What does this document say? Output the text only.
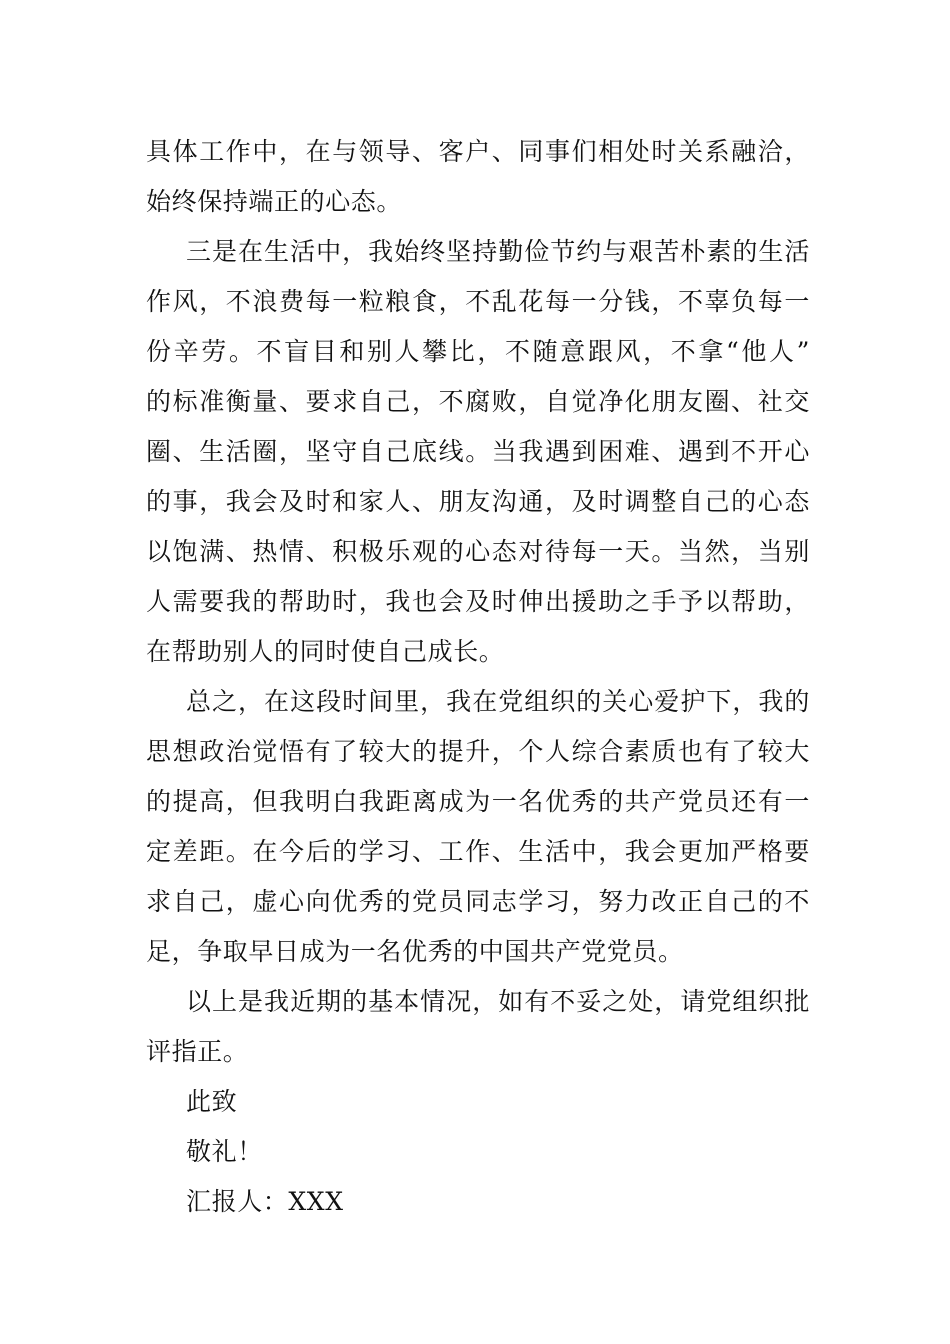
具体工作中，在与领导、客户、同事们相处时关系融洽，
始终保持端正的心态。
三是在生活中，我始终坚持勤俭节约与艰苦朴素的生活
作风，不浪费每一粒粮食，不乱花每一分钱，不辜负每一
份辛劳。不盲目和别人攀比，不随意跟风，不拿“他人”
的标准衡量、要求自己，不腐败，自觉净化朋友圈、社交
圈、生活圈，坚守自己底线。当我遇到困难、遇到不开心
的事，我会及时和家人、朋友沟通，及时调整自己的心态
以饱满、热情、积极乐观的心态对待每一天。当然，当别
人需要我的帮助时，我也会及时伸出援助之手予以帮助，
在帮助别人的同时使自己成长。
总之，在这段时间里，我在党组织的关心爱护下，我的
思想政治觉悟有了较大的提升，个人综合素质也有了较大
的提高，但我明白我距离成为一名优秀的共产党员还有一
定差距。在今后的学习、工作、生活中，我会更加严格要
求自己，虚心向优秀的党员同志学习，努力改正自己的不
足，争取早日成为一名优秀的中国共产党党员。
以上是我近期的基本情况，如有不妥之处，请党组织批
评指正。
此致
敬礼！
汇报人：XXX
